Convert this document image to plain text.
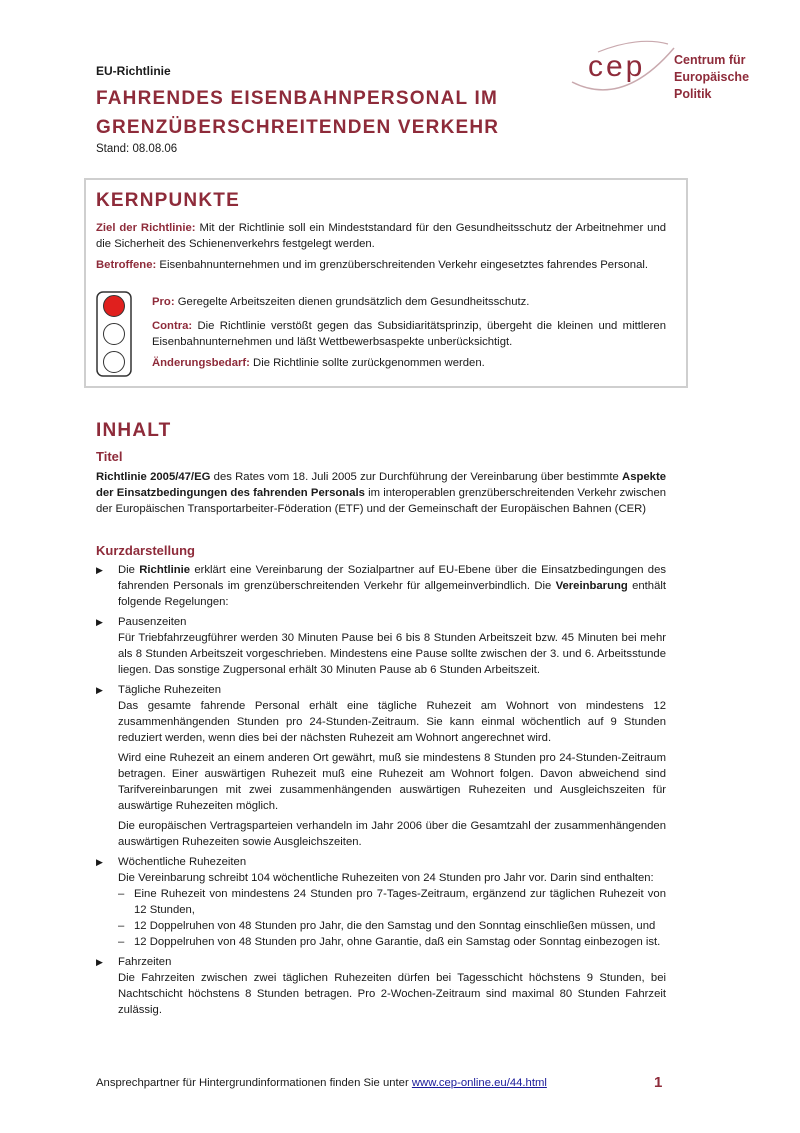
EU-Richtlinie
FAHRENDES EISENBAHNPERSONAL IM
GRENZÜBERSCHREITENDEN VERKEHR
Stand: 08.08.06
cep Centrum für
Europäische
Politik
KERNPUNKTE
Ziel der Richtlinie: Mit der Richtlinie soll ein Mindeststandard für den Gesundheitsschutz der Arbeitnehmer und die Sicherheit des Schienenverkehrs festgelegt werden.
Betroffene: Eisenbahnunternehmen und im grenzüberschreitenden Verkehr eingesetztes fahrendes Personal.
Pro: Geregelte Arbeitszeiten dienen grundsätzlich dem Gesundheitsschutz.
Contra: Die Richtlinie verstößt gegen das Subsidiaritätsprinzip, übergeht die kleinen und mittleren Eisenbahnunternehmen und läßt Wettbewerbsaspekte unberücksichtigt.
Änderungsbedarf: Die Richtlinie sollte zurückgenommen werden.
INHALT
Titel
Richtlinie 2005/47/EG des Rates vom 18. Juli 2005 zur Durchführung der Vereinbarung über bestimmte Aspekte der Einsatzbedingungen des fahrenden Personals im interoperablen grenzüberschreitenden Verkehr zwischen der Europäischen Transportarbeiter-Föderation (ETF) und der Gemeinschaft der Europäischen Bahnen (CER)
Kurzdarstellung
▶ Die Richtlinie erklärt eine Vereinbarung der Sozialpartner auf EU-Ebene über die Einsatzbedingungen des fahrenden Personals im grenzüberschreitenden Verkehr für allgemeinverbindlich. Die Vereinbarung enthält folgende Regelungen:

▶ Pausenzeiten

Für Triebfahrzeugführer werden 30 Minuten Pause bei 6 bis 8 Stunden Arbeitszeit bzw. 45 Minuten bei mehr als 8 Stunden Arbeitszeit vorgeschrieben. Mindestens eine Pause sollte zwischen der 3. und 6. Arbeitsstunde liegen. Das sonstige Zugpersonal erhält 30 Minuten Pause ab 6 Stunden Arbeitszeit.

▶ Tägliche Ruhezeiten

Das gesamte fahrende Personal erhält eine tägliche Ruhezeit am Wohnort von mindestens 12 zusammenhängenden Stunden pro 24-Stunden-Zeitraum. Sie kann einmal wöchentlich auf 9 Stunden reduziert werden, wenn dies bei der nächsten Ruhezeit am Wohnort angerechnet wird.

Wird eine Ruhezeit an einem anderen Ort gewährt, muß sie mindestens 8 Stunden pro 24-Stunden-Zeitraum betragen. Einer auswärtigen Ruhezeit muß eine Ruhezeit am Wohnort folgen. Davon abweichend sind Tarifvereinbarungen mit zwei zusammenhängenden auswärtigen Ruhezeiten und Ausgleichszeiten für auswärtige Ruhezeiten möglich.

Die europäischen Vertragsparteien verhandeln im Jahr 2006 über die Gesamtzahl der zusammenhängenden auswärtigen Ruhezeiten sowie Ausgleichszeiten.

▶ Wöchentliche Ruhezeiten

Die Vereinbarung schreibt 104 wöchentliche Ruhezeiten von 24 Stunden pro Jahr vor. Darin sind enthalten:

– Eine Ruhezeit von mindestens 24 Stunden pro 7-Tages-Zeitraum, ergänzend zur täglichen Ruhezeit von 12 Stunden,
– 12 Doppelruhen von 48 Stunden pro Jahr, die den Samstag und den Sonntag einschließen müssen, und
– 12 Doppelruhen von 48 Stunden pro Jahr, ohne Garantie, daß ein Samstag oder Sonntag einbezogen ist.
▶ Fahrzeiten

Die Fahrzeiten zwischen zwei täglichen Ruhezeiten dürfen bei Tagesschicht höchstens 9 Stunden, bei Nachtschicht höchstens 8 Stunden betragen. Pro 2-Wochen-Zeitraum sind maximal 80 Stunden Fahrzeit zulässig.

Ansprechpartner für Hintergrundinformationen finden Sie unter www.cep-online.eu/44.html	1
